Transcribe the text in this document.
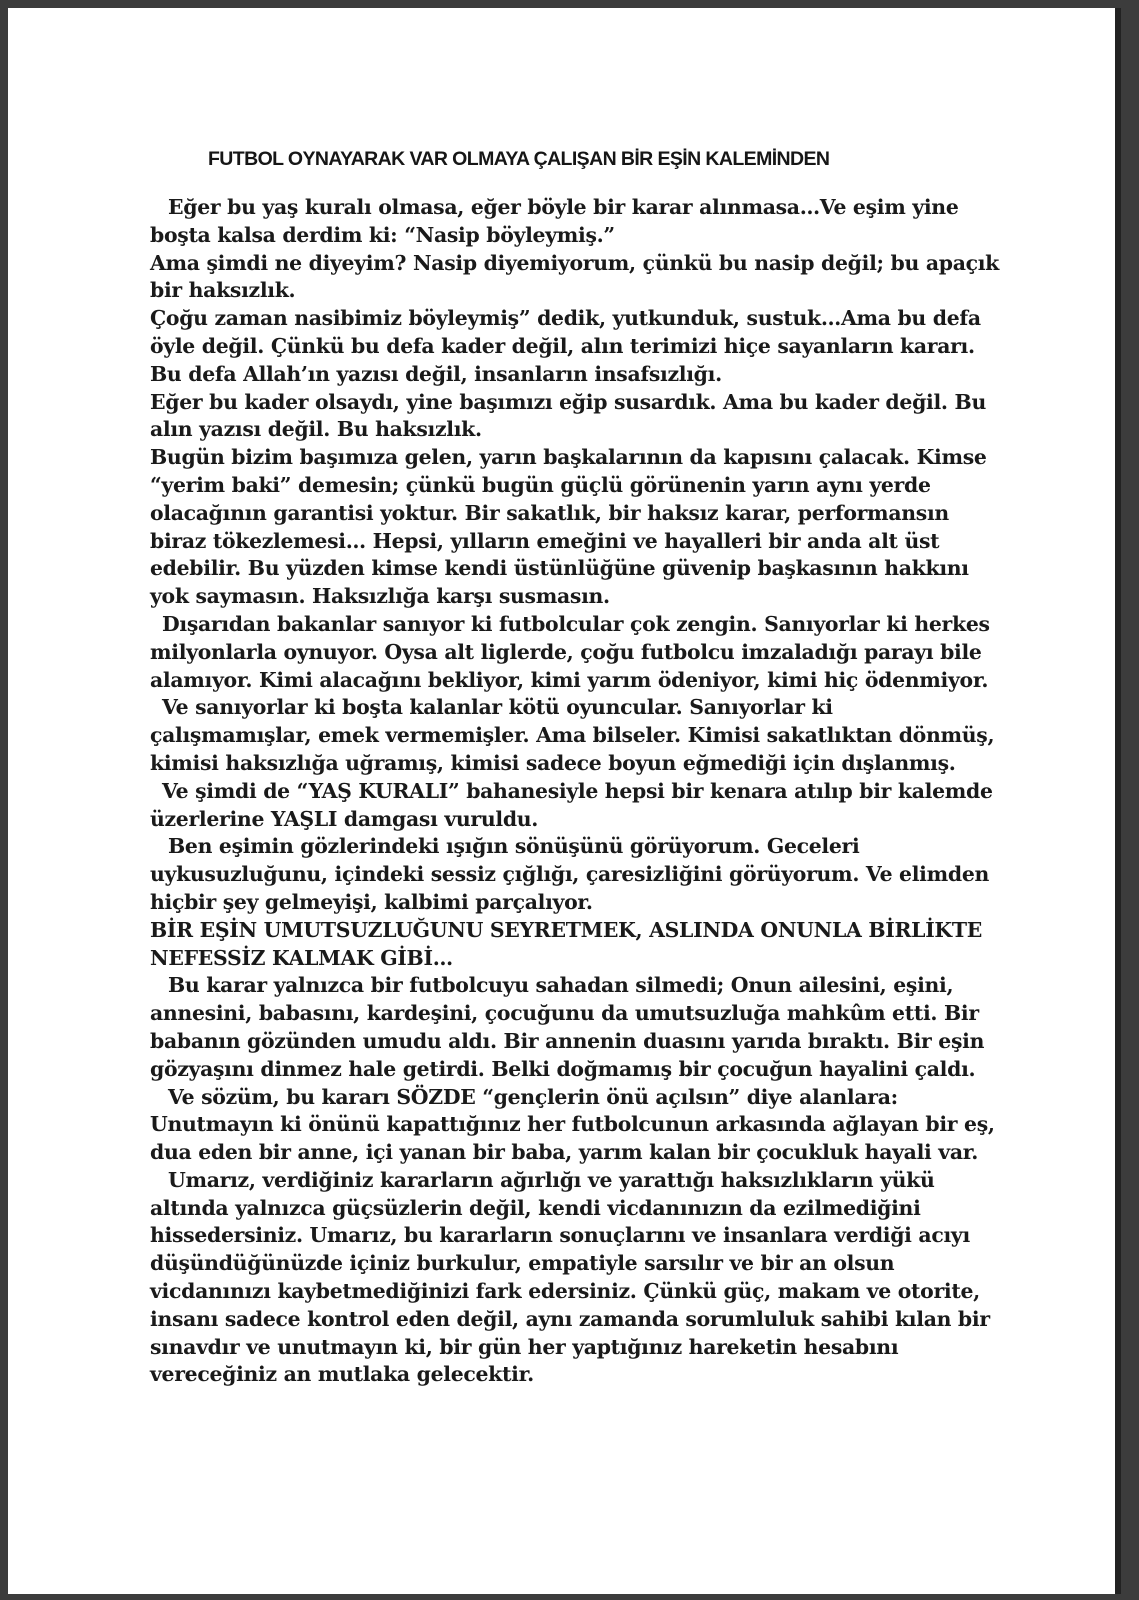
FUTBOL OYNAYARAK VAR OLMAYA ÇALIŞAN BİR EŞİN KALEMİNDEN
Eğer bu yaş kuralı olmasa, eğer böyle bir karar alınmasa…Ve eşim yine
boşta kalsa derdim ki: “Nasip böyleymiş.”
Ama şimdi ne diyeyim? Nasip diyemiyorum, çünkü bu nasip değil; bu apaçık
bir haksızlık.
Çoğu zaman nasibimiz böyleymiş” dedik, yutkunduk, sustuk…Ama bu defa
öyle değil. Çünkü bu defa kader değil, alın terimizi hiçe sayanların kararı.
Bu defa Allah’ın yazısı değil, insanların insafsızlığı.
Eğer bu kader olsaydı, yine başımızı eğip susardık. Ama bu kader değil. Bu
alın yazısı değil. Bu haksızlık.
Bugün bizim başımıza gelen, yarın başkalarının da kapısını çalacak. Kimse
“yerim baki” demesin; çünkü bugün güçlü görünenin yarın aynı yerde
olacağının garantisi yoktur. Bir sakatlık, bir haksız karar, performansın
biraz tökezlemesi… Hepsi, yılların emeğini ve hayalleri bir anda alt üst
edebilir. Bu yüzden kimse kendi üstünlüğüne güvenip başkasının hakkını
yok saymasın. Haksızlığa karşı susmasın.
Dışarıdan bakanlar sanıyor ki futbolcular çok zengin. Sanıyorlar ki herkes
milyonlarla oynuyor. Oysa alt liglerde, çoğu futbolcu imzaladığı parayı bile
alamıyor. Kimi alacağını bekliyor, kimi yarım ödeniyor, kimi hiç ödenmiyor.
Ve sanıyorlar ki boşta kalanlar kötü oyuncular. Sanıyorlar ki
çalışmamışlar, emek vermemişler. Ama bilseler. Kimisi sakatlıktan dönmüş,
kimisi haksızlığa uğramış, kimisi sadece boyun eğmediği için dışlanmış.
Ve şimdi de “YAŞ KURALI” bahanesiyle hepsi bir kenara atılıp bir kalemde
üzerlerine YAŞLI damgası vuruldu.
Ben eşimin gözlerindeki ışığın sönüşünü görüyorum. Geceleri
uykusuzluğunu, içindeki sessiz çığlığı, çaresizliğini görüyorum. Ve elimden
hiçbir şey gelmeyişi, kalbimi parçalıyor.
BİR EŞİN UMUTSUZLUĞUNU SEYRETMEK, ASLINDA ONUNLA BİRLİKTE
NEFESSİZ KALMAK GİBİ…
Bu karar yalnızca bir futbolcuyu sahadan silmedi; Onun ailesini, eşini,
annesini, babasını, kardeşini, çocuğunu da umutsuzluğa mahkûm etti. Bir
babanın gözünden umudu aldı. Bir annenin duasını yarıda bıraktı. Bir eşin
gözyaşını dinmez hale getirdi. Belki doğmamış bir çocuğun hayalini çaldı.
Ve sözüm, bu kararı SÖZDE “gençlerin önü açılsın” diye alanlara:
Unutmayın ki önünü kapattığınız her futbolcunun arkasında ağlayan bir eş,
dua eden bir anne, içi yanan bir baba, yarım kalan bir çocukluk hayali var.
Umarız, verdiğiniz kararların ağırlığı ve yarattığı haksızlıkların yükü
altında yalnızca güçsüzlerin değil, kendi vicdanınızın da ezilmediğini
hissedersiniz. Umarız, bu kararların sonuçlarını ve insanlara verdiği acıyı
düşündüğünüzde içiniz burkulur, empatiyle sarsılır ve bir an olsun
vicdanınızı kaybetmediğinizi fark edersiniz. Çünkü güç, makam ve otorite,
insanı sadece kontrol eden değil, aynı zamanda sorumluluk sahibi kılan bir
sınavdır ve unutmayın ki, bir gün her yaptığınız hareketin hesabını
vereceğiniz an mutlaka gelecektir.
